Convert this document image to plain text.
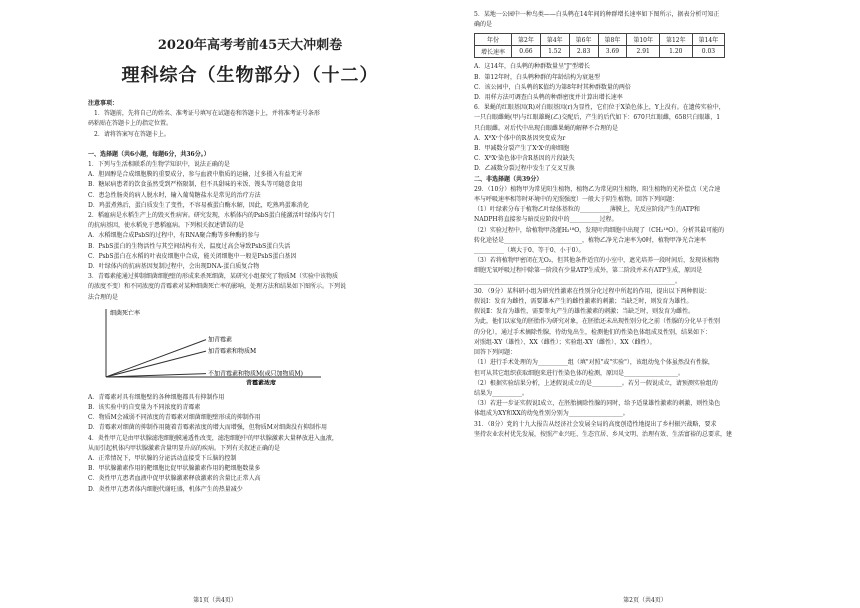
2020年高考考前45天大冲刺卷
理科综合（生物部分）（十二）

注意事项：

1．答题前，先将自己的姓名、准考证号填写在试题卷和答题卡上，并将准考证号条形

码粘贴在答题卡上的指定位置。

2．请将答案写在答题卡上。

一、选择题（共6小题，每题6分，共36分。）

1．下列与生活相联系的生物学知识中，说法正确的是

A．胆固醇是合成细胞膜的重要成分，参与血液中脂质的运输，过多摄入有益无害

B．糖尿病患者的饮食虽然受到严格限制，但不具甜味的米饭、馒头等可随意食用

C．患急性肠炎的病人脱水时，输入葡萄糖盐水是常见的治疗方法

D．鸡蛋煮熟后，蛋白质发生了变性，不容易被蛋白酶水解，因此，吃熟鸡蛋难消化

2．稻瘟病是水稻生产上的毁灭性病害。研究发现，水稻体内的PsbS蛋白能激活叶绿体内专门

的抗病基因，使水稻免于患稻瘟病。下列相关叙述错误的是

A．水稻细胞合成PsbS的过程中，有RNA聚合酶等多种酶的参与

B．PsbS蛋白的生物活性与其空间结构有关，温度过高会导致PsbS蛋白失活

C．PsbS蛋白在水稻的叶表皮细胞中合成，能关闭细胞中一般是PsbS蛋白基因

D．叶绿体内的抗病基因复制过程中，会出现DNA-蛋白质复合物

3．青霉素能通过抑制细菌细胞壁的形成来杀死细菌，某研究小组探究了物质M（实验中该物质

的浓度不变）和不同浓度的青霉素对某种细菌死亡率的影响，处理方法和结果如下图所示。下列说

法合理的是

细菌死亡率
青霉素浓度
加青霉素
加青霉素和物质M
不加青霉素和物质M(或只加物质M)

A．青霉素对具有细胞壁的各种细胞都具有抑制作用

B．该实验中的自变量为不同浓度的青霉素

C．物质M会减弱不同浓度的青霉素对细菌细胞壁形成的抑制作用

D．青霉素对细菌的抑制作用随着青霉素浓度的增大而增强，但物质M对细菌没有抑制作用

4．炎性甲亢是由甲状腺滤泡细胞膜通透性改变，滤泡细胞中的甲状腺激素大量释放进入血液，

从而引起机体内甲状腺激素含量明显升高的疾病。下列有关叙述正确的是

A．正常情况下，甲状腺的分泌活动直接受下丘脑的控制

B．甲状腺激素作用的靶细胞比促甲状腺激素作用的靶细胞数量多

C．炎性甲亢患者血液中促甲状腺激素释放激素的含量比正常人高

D．炎性甲亢患者体内细胞代谢旺盛，机体产生的热量减少

第1页（共4页）

5．某地一公园中一种鸟类——白头鹎在14年间的种群增长速率如下图所示，据表分析可知正

确的是

年份	第2年	第4年	第6年	第8年	第10年	第12年	第14年
增长速率	0.66	1.52	2.83	3.69	2.91	1.20	0.03

A．这14年，白头鹎的种群数量呈"J"型增长

B．第12年时，白头鹎种群的年龄结构为衰退型

C．该公园中，白头鹎的K值约为第8年时其种群数量的两倍

D．用样方法可调查白头鹎的种群密度并计算出增长速率

6．果蝇的红眼基因(R)对白眼基因(r)为显性，它们位于X染色体上，Y上没有。在遗传实验中，

一只白眼雌蝇(甲)与红眼雄蝇(乙)交配后，产生的后代如下：670只红眼雌，658只白眼雄，1

只白眼雌。对后代中出现白眼雌果蝇的解释不合理的是

A．XᴿXʳ个体中的R基因突变成为r

B．甲减数分裂产生了XʳXʳ的卵细胞

C．XᴿXʳ染色体中含R基因的片段缺失

D．乙减数分裂过程中发生了交叉互换

二、非选择题（共39分）

29．（10分）植物甲为常见阳生植物，植物乙为常见阴生植物，阳生植物的光补偿点（光合速

率与呼吸速率相等时环境中的光照强度）一般大于阴生植物。回答下列问题：

（1）叶绿素分布于植物乙叶绿体基粒的__________薄膜上，光反应阶段产生的ATP和

NADPH将直接参与暗反应阶段中的__________过程。

（2）实验过程中，给植物甲浇灌H₂¹⁸O，发现叶肉细胞中出现了（CH₂¹⁸O）。分析其最可能的

转化途径是__________________________，植物乙净光合速率为0时，植物甲净光合速率

__________（填大于0、等于0、小于0）。

（3）若将植物甲密闭在无O₂，但其他条件适宜的小室中，遮光培养一段时间后，发现该植物

细胞无氧呼吸过程中除第一阶段有少量ATP生成外，第二阶段并未有ATP生成，原因是

___________________________________________________________________。

30．（9分）某科研小组为研究性激素在性别分化过程中所起的作用，提出以下两种假说：

假说Ⅰ：发育为雌性，需要雄本产生的雌性激素的刺激；当缺乏时，则发育为雄性。

假说Ⅱ：发育为雄性，需要睾丸产生的雄性激素的刺激；当缺乏时，则发育为雌性。

为此，他们以家兔的胚胎作为研究对象，在胚胎还未出现性别分化之前（性腺的分化早于性别

的分化），通过手术摘除性腺，待幼兔出生，检测他们的性染色体组成及性别，结果如下：

对照组-XY（雄性）、XX（雌性）；实验组-XY（雌性）、XX（雌性）。

回答下列问题：

（1）进行手术处理的为__________组（填"对照"或"实验"），该组幼兔个体虽然没有性腺，

但可从其它组织获取细胞来进行性染色体的检测，原因是__________________。

（2）根据实验结果分析，上述假说成立的是__________。若另一假说成立，请预测实验组的

结果为__________。

（3）若进一步证实假说Ⅰ成立，在胚胎摘除性腺的同时，给予适量雄性激素的刺激，则性染色

体组成为XY和XX的幼兔性别分别为__________________。

31．（8分）党的十九大报告从经济社会发展全局的高度创造性地提出了乡村振兴战略，要求

坚持农业农村优先发展，按照产业兴旺、生态宜居、乡风文明、治理有效、生活富裕的总要求，建

第2页（共4页）
